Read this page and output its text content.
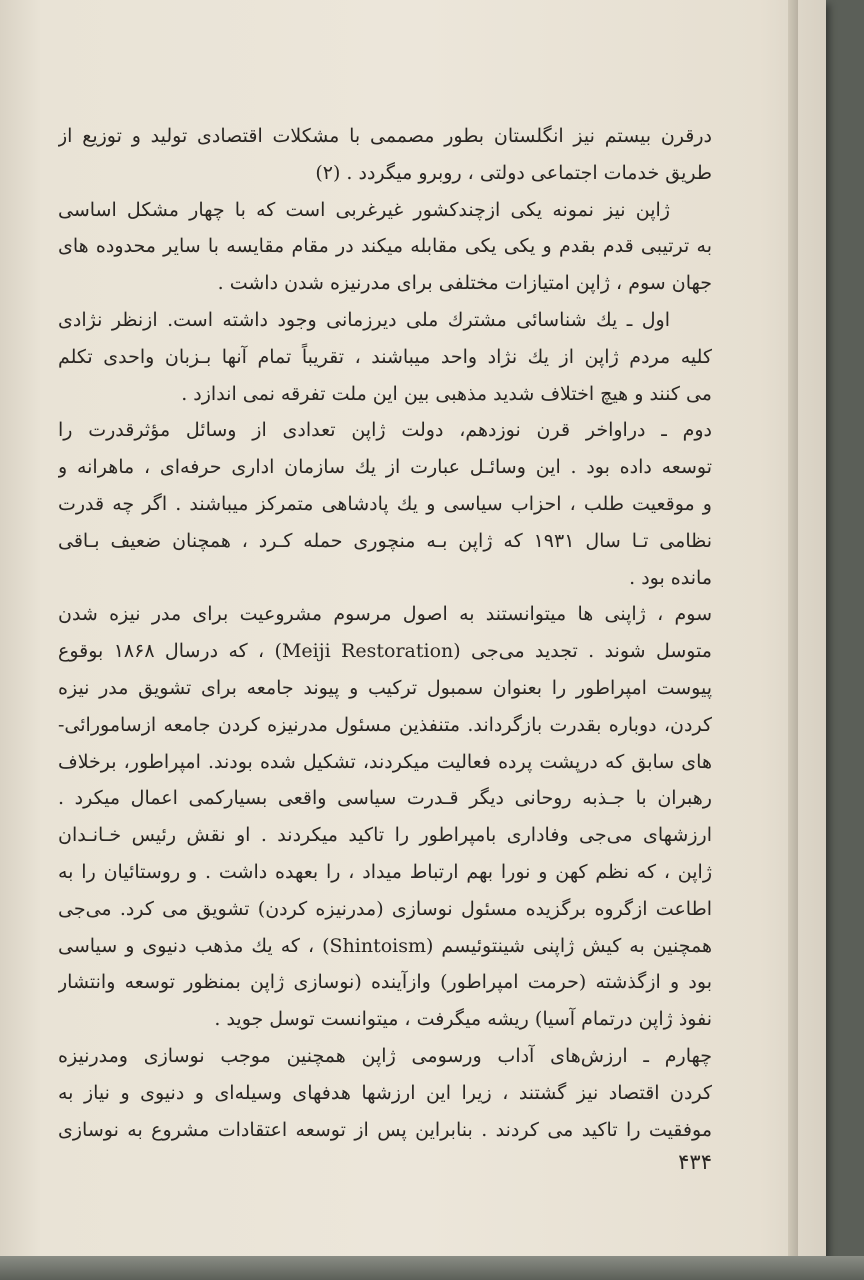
درقرن بیستم نیز انگلستان بطور مصممی با مشکلات اقتصادی تولید و توزیع از
طریق خدمات اجتماعی دولتی ، روبرو میگردد . (۲)
ژاپن نیز نمونه یکی ازچندکشور غیرغربی است که با چهار مشکل اساسی
به ترتیبی قدم بقدم و یکی یکی مقابله میکند در مقام مقایسه با سایر محدوده های
جهان سوم ، ژاپن امتیازات مختلفی برای مدرنیزه شدن داشت .
اول ـ یك شناسائی مشترك ملی دیرزمانی وجود داشته است. ازنظر نژادی
کلیه مردم ژاپن از یك نژاد واحد میباشند ، تقریباً تمام آنها بـزبان واحدی تکلم
می کنند و هیچ اختلاف شدید مذهبی بین این ملت تفرقه نمی اندازد .
دوم ـ دراواخر قرن نوزدهم، دولت ژاپن تعدادی از وسائل مؤثرقدرت را
توسعه داده بود . این وسائـل عبارت از یك سازمان اداری حرفه‌ای ، ماهرانه و
و موقعیت طلب ، احزاب سیاسی و یك پادشاهی متمرکز میباشند . اگر چه قدرت
نظامی تـا سال ۱۹۳۱ که ژاپن بـه منچوری حمله کـرد ، همچنان ضعیف بـاقی
مانده بود .
سوم ، ژاپنی ها میتوانستند به اصول مرسوم مشروعیت برای مدر نیزه شدن
متوسل شوند . تجدید می‌جی (Meiji Restoration) ، که درسال ۱۸۶۸ بوقوع
پیوست امپراطور را بعنوان سمبول ترکیب و پیوند جامعه برای تشویق مدر نیزه
کردن، دوباره بقدرت بازگرداند. متنفذین مسئول مدرنیزه کردن جامعه ازسامورائی-
های سابق که درپشت پرده فعالیت میکردند، تشکیل شده بودند. امپراطور، برخلاف
رهبران با جـذبه روحانی دیگر قـدرت سیاسی واقعی بسیارکمی اعمال میکرد .
ارزشهای می‌جی وفاداری بامپراطور را تاکید میکردند . او نقش رئیس خـانـدان
ژاپن ، که نظم کهن و نورا بهم ارتباط میداد ، را بعهده داشت . و روستائیان را به
اطاعت ازگروه برگزیده مسئول نوسازی (مدرنیزه کردن) تشویق می کرد. می‌جی
همچنین به کیش ژاپنی شینتوئیسم (Shintoism) ، که یك مذهب دنیوی و سیاسی
بود و ازگذشته (حرمت امپراطور) وازآینده (نوسازی ژاپن بمنظور توسعه وانتشار
نفوذ ژاپن درتمام آسیا) ریشه میگرفت ، میتوانست توسل جوید .
چهارم ـ ارزش‌های آداب ورسومی ژاپن همچنین موجب نوسازی ومدرنیزه
کردن اقتصاد نیز گشتند ، زیرا این ارزشها هدفهای وسیله‌ای و دنیوی و نیاز به
موفقیت را تاکید می کردند . بنابراین پس از توسعه اعتقادات مشروع به نوسازی
۴۳۴
